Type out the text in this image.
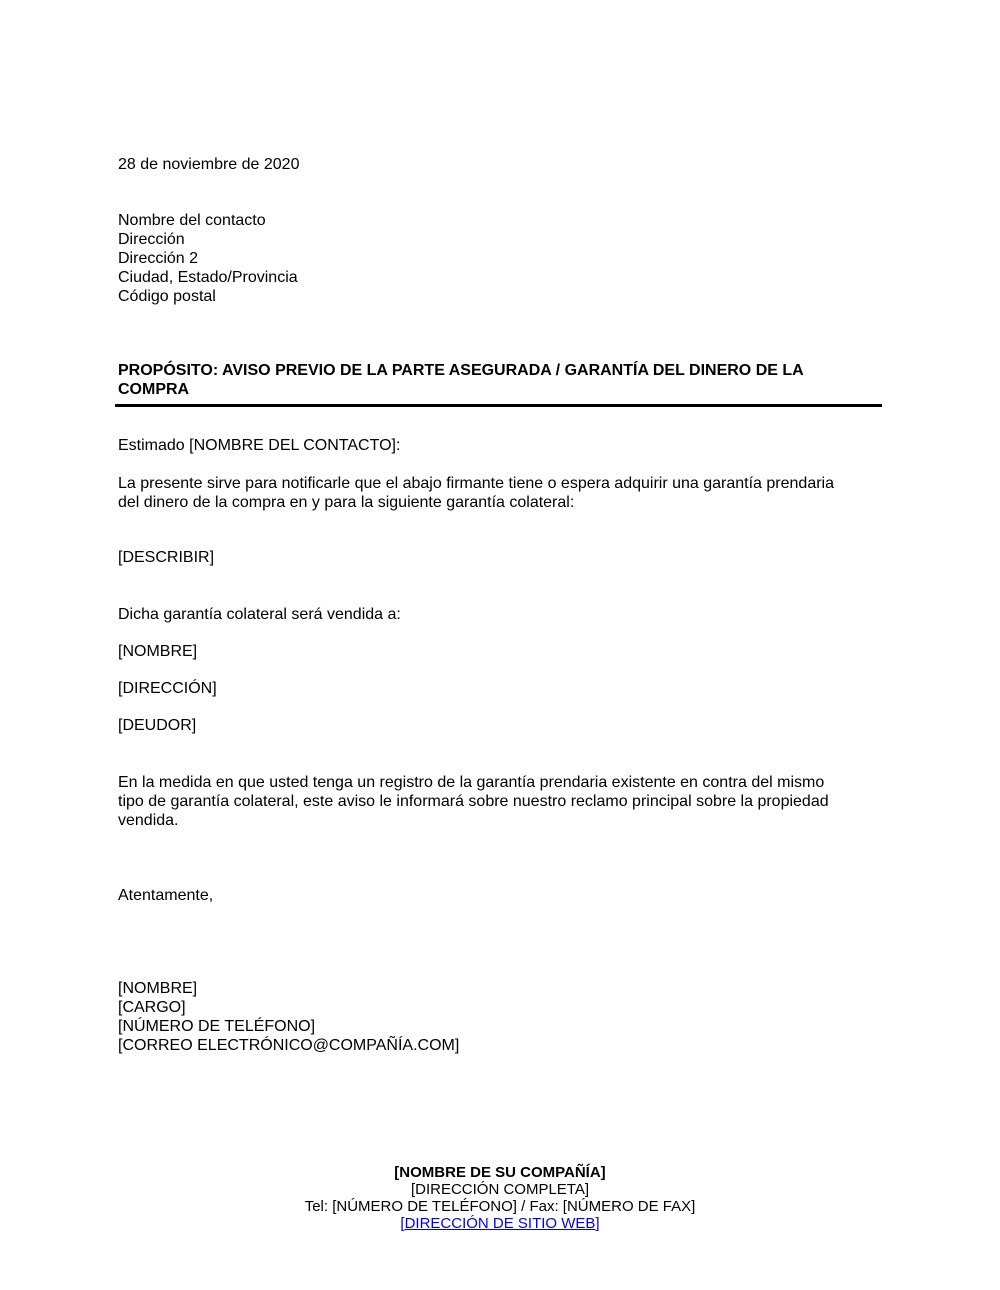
28 de noviembre de 2020
Nombre del contacto
Dirección
Dirección 2
Ciudad, Estado/Provincia
Código postal
PROPÓSITO: AVISO PREVIO DE LA PARTE ASEGURADA / GARANTÍA DEL DINERO DE LA
COMPRA
Estimado [NOMBRE DEL CONTACTO]:
La presente sirve para notificarle que el abajo firmante tiene o espera adquirir una garantía prendaria
del dinero de la compra en y para la siguiente garantía colateral:
[DESCRIBIR]
Dicha garantía colateral será vendida a:
[NOMBRE]
[DIRECCIÓN]
[DEUDOR]
En la medida en que usted tenga un registro de la garantía prendaria existente en contra del mismo
tipo de garantía colateral, este aviso le informará sobre nuestro reclamo principal sobre la propiedad
vendida.
Atentamente,
[NOMBRE]
[CARGO]
[NÚMERO DE TELÉFONO]
[CORREO ELECTRÓNICO@COMPAÑÍA.COM]
[NOMBRE DE SU COMPAÑÍA]
[DIRECCIÓN COMPLETA]
Tel: [NÚMERO DE TELÉFONO] / Fax: [NÚMERO DE FAX]
[DIRECCIÓN DE SITIO WEB]
